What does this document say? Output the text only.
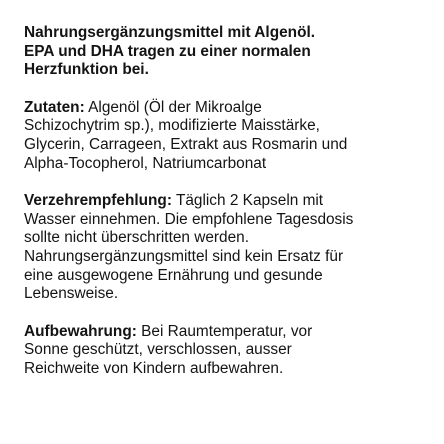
Nahrungsergänzungsmittel mit Algenöl.
EPA und DHA tragen zu einer normalen
Herzfunktion bei.

Zutaten: Algenöl (Öl der Mikroalge
Schizochytrim sp.), modifizierte Maisstärke,
Glycerin, Carrageen, Extrakt aus Rosmarin und
Alpha-Tocopherol, Natriumcarbonat

Verzehrempfehlung: Täglich 2 Kapseln mit
Wasser einnehmen. Die empfohlene Tagesdosis
sollte nicht überschritten werden.
Nahrungsergänzungsmittel sind kein Ersatz für
eine ausgewogene Ernährung und gesunde
Lebensweise.

Aufbewahrung: Bei Raumtemperatur, vor
Sonne geschützt, verschlossen, ausser
Reichweite von Kindern aufbewahren.
